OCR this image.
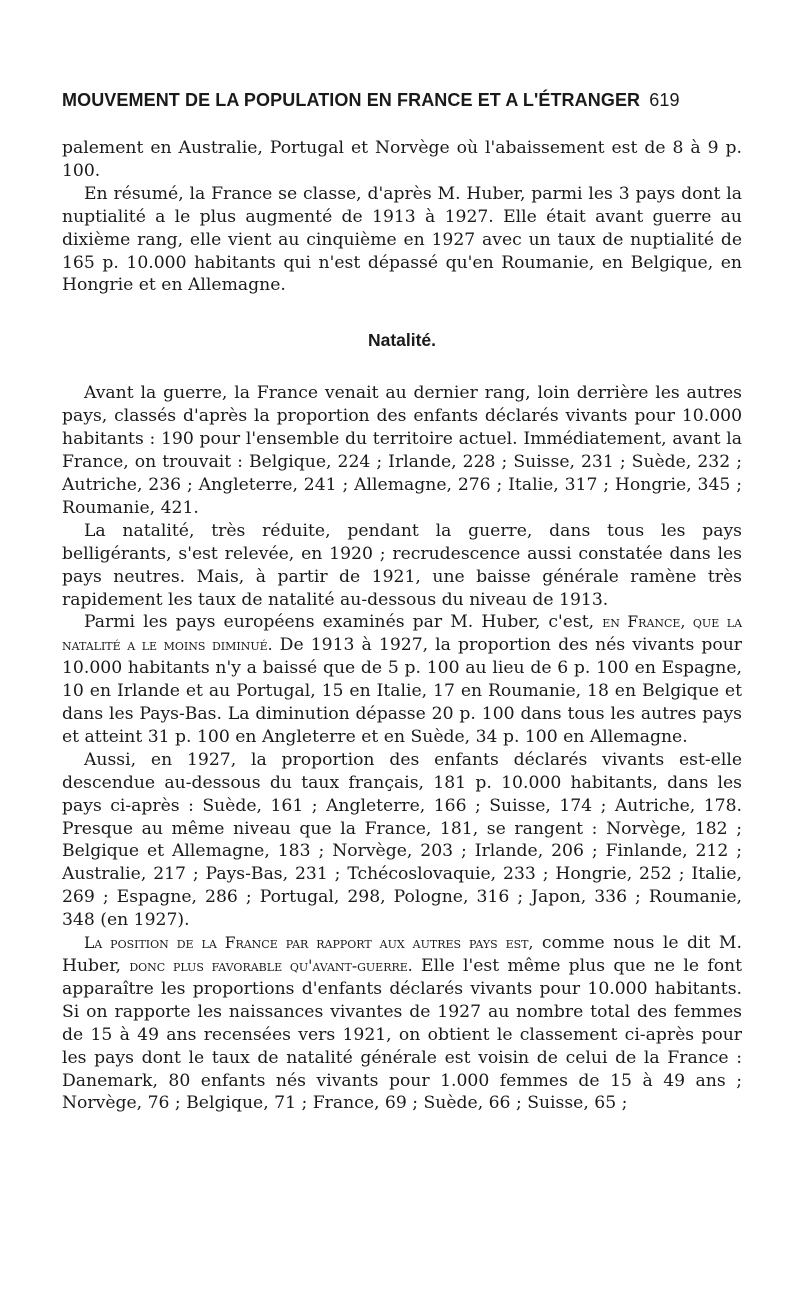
MOUVEMENT DE LA POPULATION EN FRANCE ET A L'ÉTRANGER 619

palement en Australie, Portugal et Norvège où l'abaissement est de 8 à 9 p. 100.

En résumé, la France se classe, d'après M. Huber, parmi les 3 pays dont la nuptialité a le plus augmenté de 1913 à 1927. Elle était avant guerre au dixième rang, elle vient au cinquième en 1927 avec un taux de nuptialité de 165 p. 10.000 habitants qui n'est dépassé qu'en Roumanie, en Belgique, en Hongrie et en Allemagne.

Natalité.

Avant la guerre, la France venait au dernier rang, loin derrière les autres pays, classés d'après la proportion des enfants déclarés vivants pour 10.000 habitants : 190 pour l'ensemble du territoire actuel. Immédiatement, avant la France, on trouvait : Belgique, 224 ; Irlande, 228 ; Suisse, 231 ; Suède, 232 ; Autriche, 236 ; Angleterre, 241 ; Allemagne, 276 ; Italie, 317 ; Hongrie, 345 ; Roumanie, 421.

La natalité, très réduite, pendant la guerre, dans tous les pays belligérants, s'est relevée, en 1920 ; recrudescence aussi constatée dans les pays neutres. Mais, à partir de 1921, une baisse générale ramène très rapidement les taux de natalité au-dessous du niveau de 1913.

Parmi les pays européens examinés par M. Huber, c'est, en France, que la natalité a le moins diminué. De 1913 à 1927, la proportion des nés vivants pour 10.000 habitants n'y a baissé que de 5 p. 100 au lieu de 6 p. 100 en Espagne, 10 en Irlande et au Portugal, 15 en Italie, 17 en Roumanie, 18 en Belgique et dans les Pays-Bas. La diminution dépasse 20 p. 100 dans tous les autres pays et atteint 31 p. 100 en Angleterre et en Suède, 34 p. 100 en Allemagne.

Aussi, en 1927, la proportion des enfants déclarés vivants est-elle descendue au-dessous du taux français, 181 p. 10.000 habitants, dans les pays ci-après : Suède, 161 ; Angleterre, 166 ; Suisse, 174 ; Autriche, 178. Presque au même niveau que la France, 181, se rangent : Norvège, 182 ; Belgique et Allemagne, 183 ; Norvège, 203 ; Irlande, 206 ; Finlande, 212 ; Australie, 217 ; Pays-Bas, 231 ; Tchécoslovaquie, 233 ; Hongrie, 252 ; Italie, 269 ; Espagne, 286 ; Portugal, 298, Pologne, 316 ; Japon, 336 ; Roumanie, 348 (en 1927).

La position de la France par rapport aux autres pays est, comme nous le dit M. Huber, donc plus favorable qu'avant-guerre. Elle l'est même plus que ne le font apparaître les proportions d'enfants déclarés vivants pour 10.000 habitants. Si on rapporte les naissances vivantes de 1927 au nombre total des femmes de 15 à 49 ans recensées vers 1921, on obtient le classement ci-après pour les pays dont le taux de natalité générale est voisin de celui de la France : Danemark, 80 enfants nés vivants pour 1.000 femmes de 15 à 49 ans ; Norvège, 76 ; Belgique, 71 ; France, 69 ; Suède, 66 ; Suisse, 65 ;
